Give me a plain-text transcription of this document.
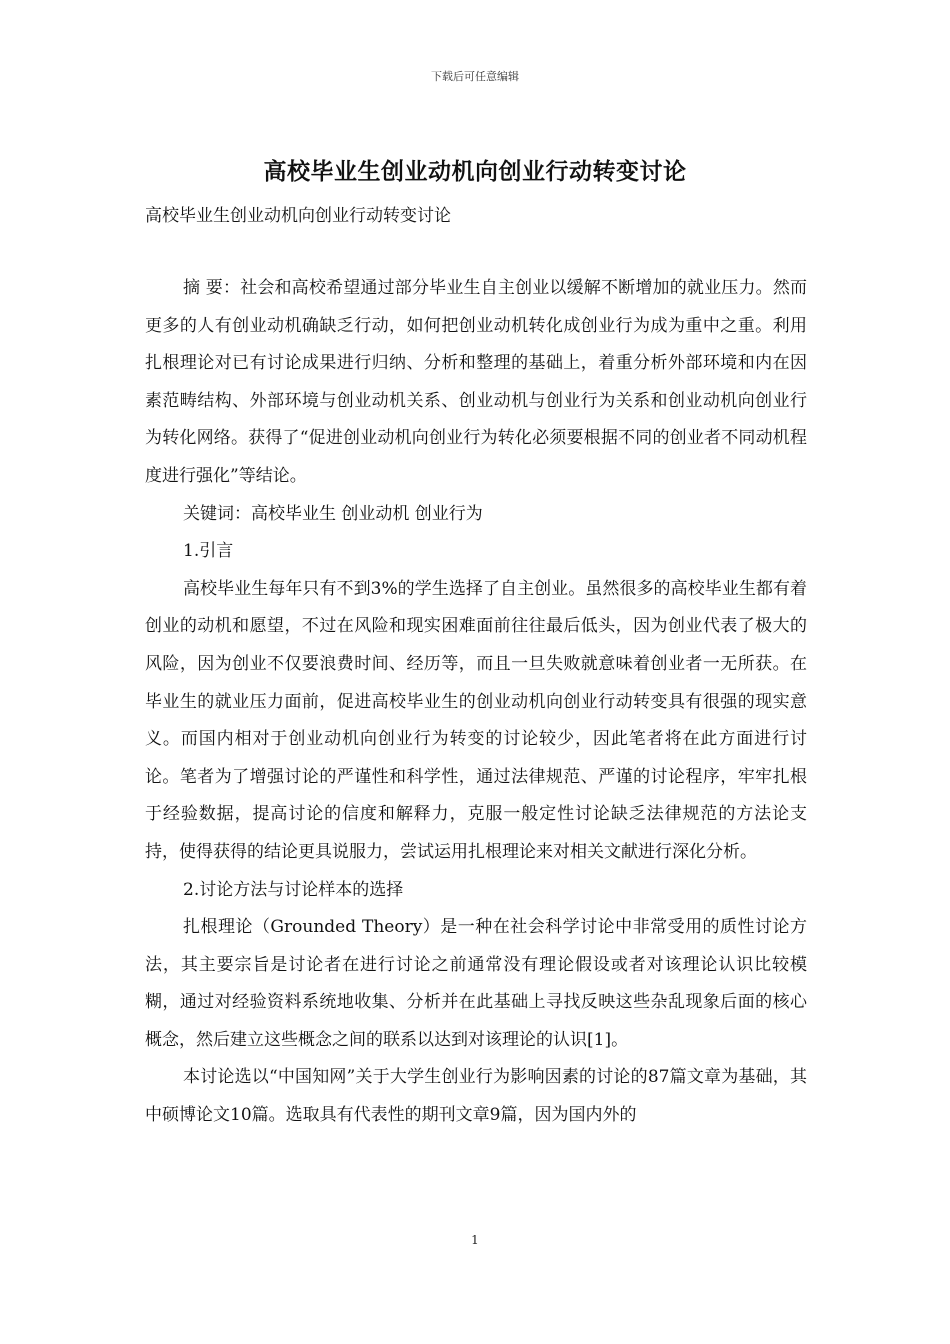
下载后可任意编辑
高校毕业生创业动机向创业行动转变讨论
高校毕业生创业动机向创业行动转变讨论

摘 要：社会和高校希望通过部分毕业生自主创业以缓解不断增加的就业压力。然而更多的人有创业动机确缺乏行动，如何把创业动机转化成创业行为成为重中之重。利用扎根理论对已有讨论成果进行归纳、分析和整理的基础上，着重分析外部环境和内在因素范畴结构、外部环境与创业动机关系、创业动机与创业行为关系和创业动机向创业行为转化网络。获得了“促进创业动机向创业行为转化必须要根据不同的创业者不同动机程度进行强化”等结论。

关键词：高校毕业生 创业动机 创业行为

1.引言

高校毕业生每年只有不到3%的学生选择了自主创业。虽然很多的高校毕业生都有着创业的动机和愿望，不过在风险和现实困难面前往往最后低头，因为创业代表了极大的风险，因为创业不仅要浪费时间、经历等，而且一旦失败就意味着创业者一无所获。在毕业生的就业压力面前，促进高校毕业生的创业动机向创业行动转变具有很强的现实意义。而国内相对于创业动机向创业行为转变的讨论较少，因此笔者将在此方面进行讨论。笔者为了增强讨论的严谨性和科学性，通过法律规范、严谨的讨论程序，牢牢扎根于经验数据，提高讨论的信度和解释力，克服一般定性讨论缺乏法律规范的方法论支持，使得获得的结论更具说服力，尝试运用扎根理论来对相关文献进行深化分析。

2.讨论方法与讨论样本的选择

扎根理论（Grounded Theory）是一种在社会科学讨论中非常受用的质性讨论方法，其主要宗旨是讨论者在进行讨论之前通常没有理论假设或者对该理论认识比较模糊，通过对经验资料系统地收集、分析并在此基础上寻找反映这些杂乱现象后面的核心概念，然后建立这些概念之间的联系以达到对该理论的认识[1]。

本讨论选以“中国知网”关于大学生创业行为影响因素的讨论的87篇文章为基础，其中硕博论文10篇。选取具有代表性的期刊文章9篇，因为国内外的

1
